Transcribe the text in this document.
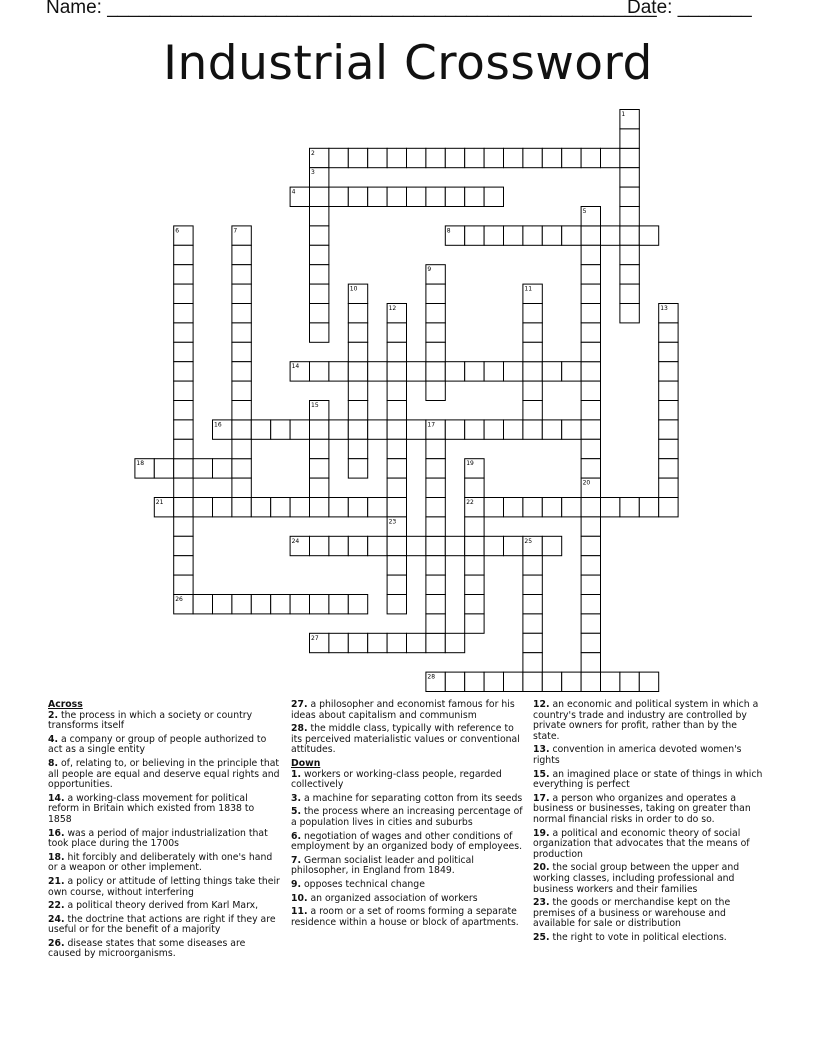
Name: ____________________________________________________
Date: _______
Industrial Crossword
2
4
8
14
16	17
18
21	22
24
26
27
28
1
3
5
6	7
9
10	11
12	13
15
19
20
23
25

Across

2. the process in which a society or country transforms itself

4. a company or group of people authorized to act as a single entity

8. of, relating to, or believing in the principle that all people are equal and deserve equal rights and opportunities.

14. a working-class movement for political reform in Britain which existed from 1838 to 1858

16. was a period of major industrialization that took place during the 1700s

18. hit forcibly and deliberately with one's hand or a weapon or other implement.

21. a policy or attitude of letting things take their own course, without interfering

22. a political theory derived from Karl Marx,

24. the doctrine that actions are right if they are useful or for the benefit of a majority

26. disease states that some diseases are caused by microorganisms.

27. a philosopher and economist famous for his ideas about capitalism and communism

28. the middle class, typically with reference to its perceived materialistic values or conventional attitudes.

Down

1. workers or working-class people, regarded collectively

3. a machine for separating cotton from its seeds

5. the process where an increasing percentage of a population lives in cities and suburbs

6. negotiation of wages and other conditions of employment by an organized body of employees.

7. German socialist leader and political philosopher, in England from 1849.

9. opposes technical change

10. an organized association of workers

11. a room or a set of rooms forming a separate residence within a house or block of apartments.

12. an economic and political system in which a country's trade and industry are controlled by private owners for profit, rather than by the state.

13. convention in america devoted women's rights

15. an imagined place or state of things in which everything is perfect

17. a person who organizes and operates a business or businesses, taking on greater than normal financial risks in order to do so.

19. a political and economic theory of social organization that advocates that the means of production

20. the social group between the upper and working classes, including professional and business workers and their families

23. the goods or merchandise kept on the premises of a business or warehouse and available for sale or distribution

25. the right to vote in political elections.
